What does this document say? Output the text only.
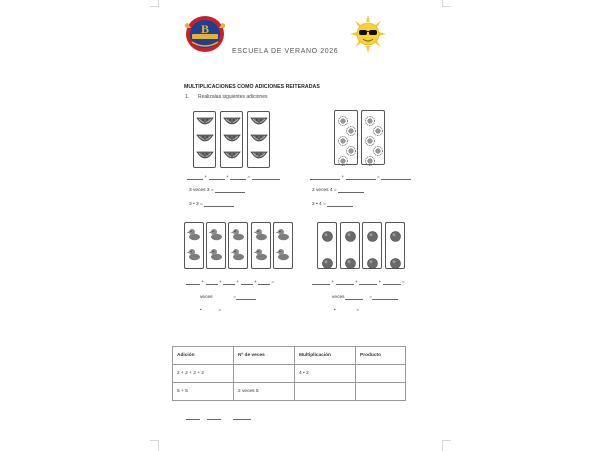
B
ESCUELA DE VERANO 2026
MULTIPLICACIONES COMO ADICIONES REITERADAS
1. Realizalas siguientes adiciones
+	+	=
3 veces 3 =
3 • 3 =
+	=
2 veces 4 =
2 • 4 =
+	+	+	+	=
veces	=
•	=
+	+	+	=
veces	=
•	=
Adición	Nº de veces	Multiplicación	Producto
2 + 2 + 2 + 2		4 • 2	
5 + 5	2 veces 5		
